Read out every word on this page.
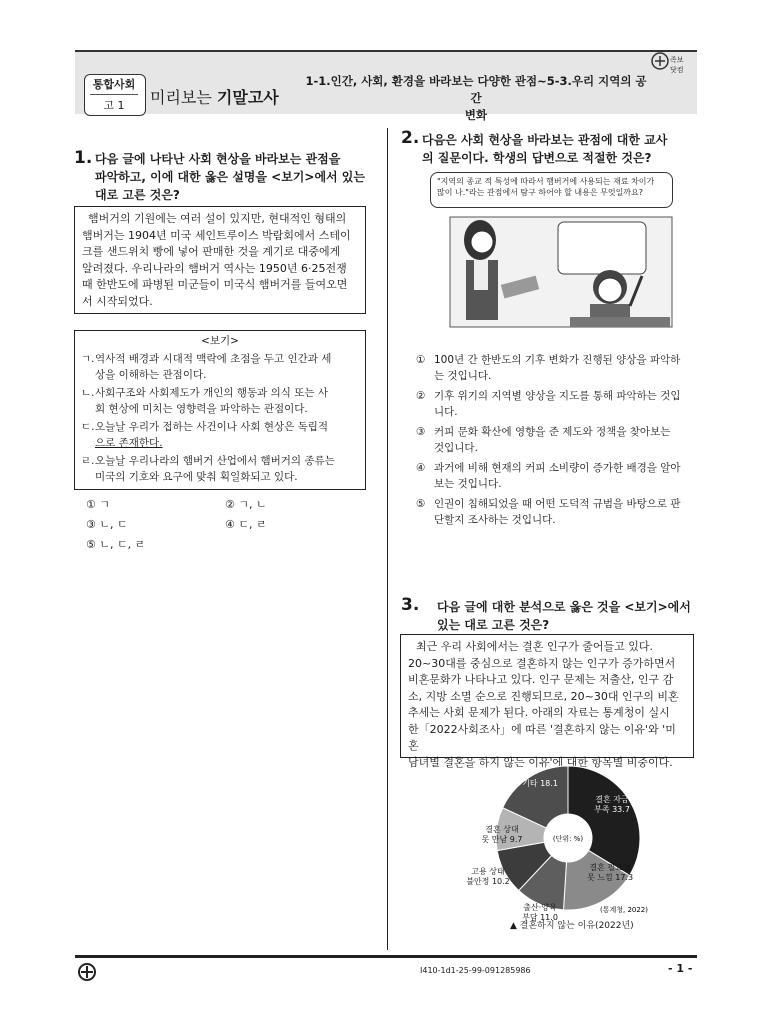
통합사회
고 1	미리보는 기말고사
1-1.인간, 사회, 환경을 바라보는 다양한 관점~5-3.우리 지역의 공간
변화
족보닷컴
1. 다음 글에 나타난 사회 현상을 바라보는 관점을
파악하고, 이에 대한 옳은 설명을 <보기>에서 있는
대로 고른 것은?
햄버거의 기원에는 여러 설이 있지만, 현대적인 형태의
햄버거는 1904년 미국 세인트루이스 박람회에서 스테이
크를 샌드위치 빵에 넣어 판매한 것을 계기로 대중에게
알려졌다. 우리나라의 햄버거 역사는 1950년 6·25전쟁
때 한반도에 파병된 미군들이 미국식 햄버거를 들여오면
서 시작되었다.
<보기>
ㄱ. 역사적 배경과 시대적 맥락에 초점을 두고 인간과 세
상을 이해하는 관점이다.
ㄴ. 사회구조와 사회제도가 개인의 행동과 의식 또는 사
회 현상에 미치는 영향력을 파악하는 관점이다.
ㄷ. 오늘날 우리가 접하는 사건이나 사회 현상은 독립적
으로 존재한다.
ㄹ. 오늘날 우리나라의 햄버거 산업에서 햄버거의 종류는
미국의 기호와 요구에 맞춰 획일화되고 있다.
① ㄱ	② ㄱ, ㄴ
③ ㄴ, ㄷ	④ ㄷ, ㄹ
⑤ ㄴ, ㄷ, ㄹ
2. 다음은 사회 현상을 바라보는 관점에 대한 교사
의 질문이다. 학생의 답변으로 적절한 것은?
"지역의 종교 적 특성에 따라서 햄버거에 사용되는 재료 차이가
많이 나."라는 관점에서 탐구 하어야 할 내용은 무엇일까요?
① 100년 간 한반도의 기후 변화가 진행된 양상을 파악하
는 것입니다.
② 기후 위기의 지역별 양상을 지도를 통해 파악하는 것입
니다.
③ 커피 문화 확산에 영향을 준 제도와 정책을 찾아보는
것입니다.
④ 과거에 비해 현재의 커피 소비량이 증가한 배경을 알아
보는 것입니다.
⑤ 인권이 침해되었을 때 어떤 도덕적 규범을 바탕으로 판
단할지 조사하는 것입니다.
3. 다음 글에 대한 분석으로 옳은 것을 <보기>에서
있는 대로 고른 것은?
최근 우리 사회에서는 결혼 인구가 줄어들고 있다.
20~30대를 중심으로 결혼하지 않는 인구가 증가하면서
비혼문화가 나타나고 있다. 인구 문제는 저출산, 인구 감
소, 지방 소멸 순으로 진행되므로, 20~30대 인구의 비혼
추세는 사회 문제가 된다. 아래의 자료는 통계청이 실시
한「2022사회조사」에 따른 '결혼하지 않는 이유'와 '미혼
남녀별 결혼을 하지 않는 이유'에 대한 항목별 비중이다.
결혼 자금 부족 33.7
결혼 필요성 못 느낌 17.3
출산·양육 부담 11.0
고용 상태 불안정 10.2
결혼 상대 못 만남 9.7
기타 18.1
(단위: %)
(통계청, 2022)
▲ 결혼하지 않는 이유(2022년)
I410-1d1-25-99-091285986	- 1 -
